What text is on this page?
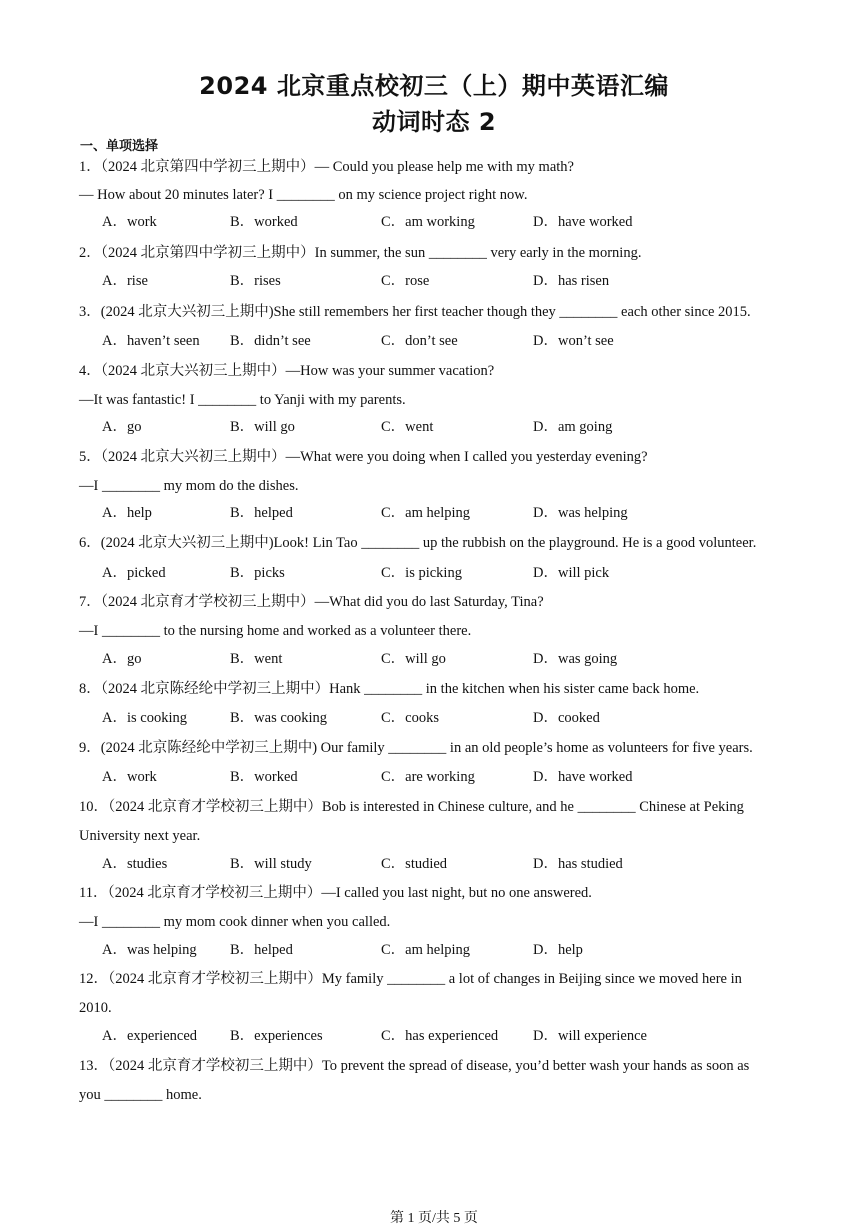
2024 北京重点校初三（上）期中英语汇编
动词时态 2
一、单项选择
1．（2024 北京第四中学初三上期中）— Could you please help me with my math?
— How about 20 minutes later? I ________ on my science project right now.
A．work	B．worked	C．am working	D．have worked
2．（2024 北京第四中学初三上期中）In summer, the sun ________ very early in the morning.
A．rise	B．rises	C．rose	D．has risen
3．(2024 北京大兴初三上期中)She still remembers her first teacher though they ________ each other since 2015.
A．haven’t seen B．didn’t see	C．don’t see	D．won’t see
4．（2024 北京大兴初三上期中）—How was your summer vacation?
—It was fantastic! I ________ to Yanji with my parents.
A．go	B．will go	C．went	D．am going
5．（2024 北京大兴初三上期中）—What were you doing when I called you yesterday evening?
—I ________ my mom do the dishes.
A．help	B．helped	C．am helping	D．was helping
6．(2024 北京大兴初三上期中)Look! Lin Tao ________ up the rubbish on the playground. He is a good volunteer.
A．picked	B．picks	C．is picking	D．will pick
7．（2024 北京育才学校初三上期中）—What did you do last Saturday, Tina?
—I ________ to the nursing home and worked as a volunteer there.
A．go	B．went	C．will go	D．was going
8．（2024 北京陈经纶中学初三上期中）Hank ________ in the kitchen when his sister came back home.
A．is cooking	B．was cooking	C．cooks	D．cooked
9．(2024 北京陈经纶中学初三上期中) Our family ________ in an old people’s home as volunteers for five years.
A．work	B．worked	C．are working	D．have worked
10．（2024 北京育才学校初三上期中）Bob is interested in Chinese culture, and he ________ Chinese at Peking
University next year.
A．studies	B．will study	C．studied	D．has studied
11．（2024 北京育才学校初三上期中）—I called you last night, but no one answered.
—I ________ my mom cook dinner when you called.
A．was helping B．helped	C．am helping	D．help
12．（2024 北京育才学校初三上期中）My family ________ a lot of changes in Beijing since we moved here in
2010.
A．experienced B．experiences	C．has experienced D．will experience
13．（2024 北京育才学校初三上期中）To prevent the spread of disease, you’d better wash your hands as soon as
you ________ home.
第 1 页/共 5 页
